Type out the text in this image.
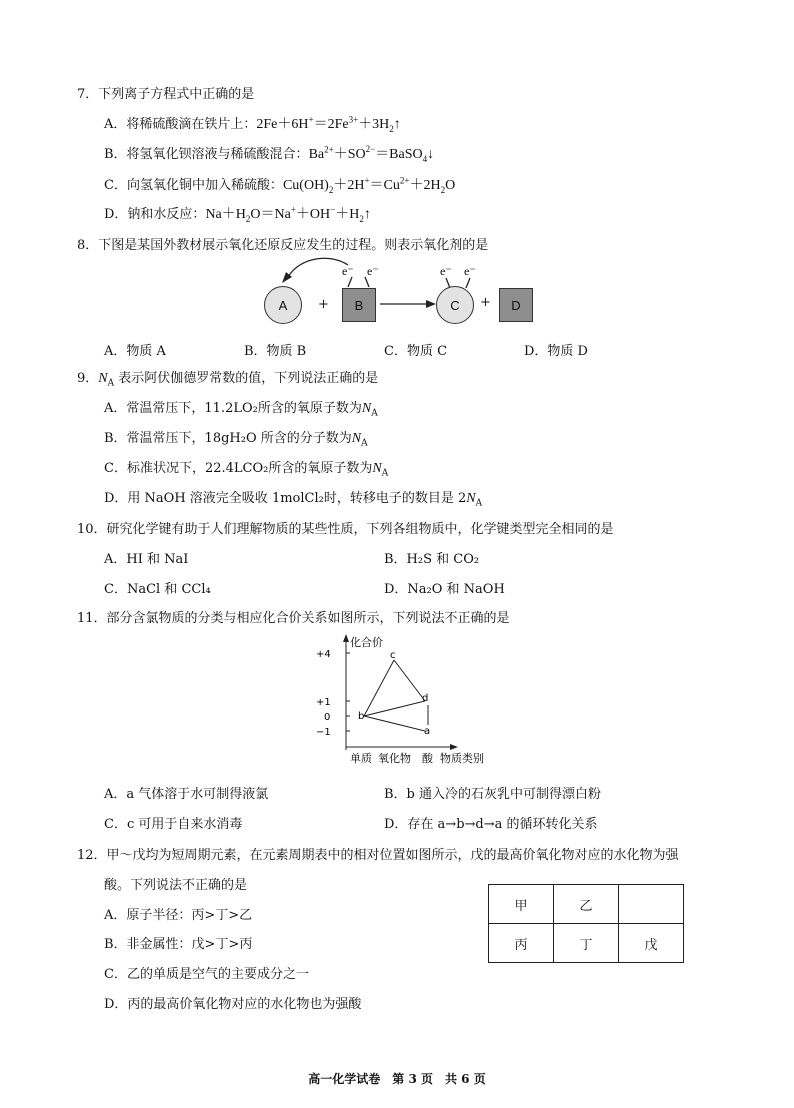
7．下列离子方程式中正确的是
A．将稀硫酸滴在铁片上：$2Fe+6H^+=2Fe^{3+}+3H_2↑$
B．将氢氧化钡溶液与稀硫酸混合：$Ba^{2+}+SO_{2-}=BaSO_4↓$
C．向氢氧化铜中加入稀硫酸：$Cu(OH)_2+2H^+=Cu^{2+}+2H_2O$
D．钠和水反应：$Na+H_2O=Na^++OH^-+H_2↑$
8．下图是某国外教材展示氧化还原反应发生的过程。则表示氧化剂的是
A	+
e⁻ e⁻
B
e⁻ e⁻
C	+	D
A．物质 A	B．物质 B	C．物质 C	D．物质 D
9．$N_A$ 表示阿伏伽德罗常数的值，下列说法正确的是
A．常温常压下，11.2LO₂所含的氧原子数为$N_A$
B．常温常压下，18gH₂O 所含的分子数为$N_A$
C．标准状况下，22.4LCO₂所含的氧原子数为$N_A$
D．用 NaOH 溶液完全吸收 1molCl₂时，转移电子的数目是 $2N_A$
10．研究化学键有助于人们理解物质的某些性质，下列各组物质中，化学键类型完全相同的是
A．HI 和 NaI	B．H₂S 和 CO₂
C．NaCl 和 CCl₄	D．Na₂O 和 NaOH
11．部分含氯物质的分类与相应化合价关系如图所示，下列说法不正确的是
化合价
+4
+1
0
−1
c
d
b
a
单质 氧化物 酸 物质类别
A．a 气体溶于水可制得液氯	B．b 通入冷的石灰乳中可制得漂白粉
C．c 可用于自来水消毒	D．存在 a→b→d→a 的循环转化关系
12．甲～戊均为短周期元素，在元素周期表中的相对位置如图所示，戊的最高价氧化物对应的水化物为强
酸。下列说法不正确的是
A．原子半径：丙>丁>乙
B．非金属性：戊>丁>丙
C．乙的单质是空气的主要成分之一
D．丙的最高价氧化物对应的水化物也为强酸
甲	乙	
丙	丁	戊
高一化学试卷　第 3 页　共 6 页
